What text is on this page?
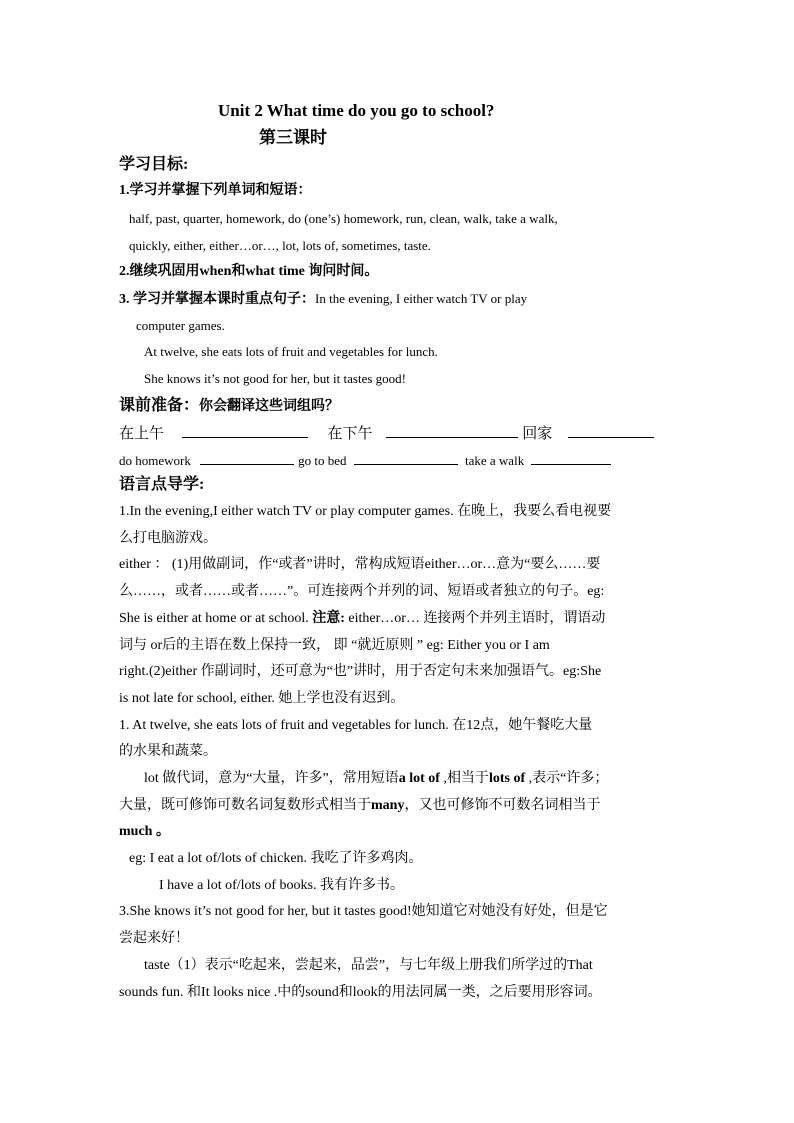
Unit 2 What time do you go to school?
第三课时
学习目标:
1.学习并掌握下列单词和短语：
half, past, quarter, homework, do (one’s) homework, run, clean, walk, take a walk,
quickly, either, either…or…, lot, lots of, sometimes, taste.
2.继续巩固用when和what time 询问时间。
3. 学习并掌握本课时重点句子：In the evening, I either watch TV or play
computer games.
At twelve, she eats lots of fruit and vegetables for lunch.
She knows it’s not good for her, but it tastes good!
课前准备：你会翻译这些词组吗？
在上午	在下午	回家
do homework	go to bed	take a walk
语言点导学:
1.In the evening,I either watch TV or play computer games. 在晚上，我要么看电视要
么打电脑游戏。
either ： (1)用做副词，作“或者”讲时，常构成短语either…or…意为“要么……要
么……，或者……或者……”。可连接两个并列的词、短语或者独立的句子。eg:
She is either at home or at school. 注意: either…or… 连接两个并列主语时，谓语动
词与 or后的主语在数上保持一致， 即 “就近原则 ” eg: Either you or I am
right.(2)either 作副词时，还可意为“也”讲时，用于否定句末来加强语气。eg:She
is not late for school, either. 她上学也没有迟到。
1. At twelve, she eats lots of fruit and vegetables for lunch. 在12点，她午餐吃大量
的水果和蔬菜。
lot 做代词，意为“大量，许多”，常用短语a lot of ,相当于lots of ,表示“许多；
大量，既可修饰可数名词复数形式相当于many，又也可修饰不可数名词相当于
much 。
eg: I eat a lot of/lots of chicken. 我吃了许多鸡肉。
I have a lot of/lots of books. 我有许多书。
3.She knows it’s not good for her, but it tastes good!她知道它对她没有好处，但是它
尝起来好！
taste（1）表示“吃起来，尝起来，品尝”，与七年级上册我们所学过的That
sounds fun. 和It looks nice .中的sound和look的用法同属一类，之后要用形容词。
